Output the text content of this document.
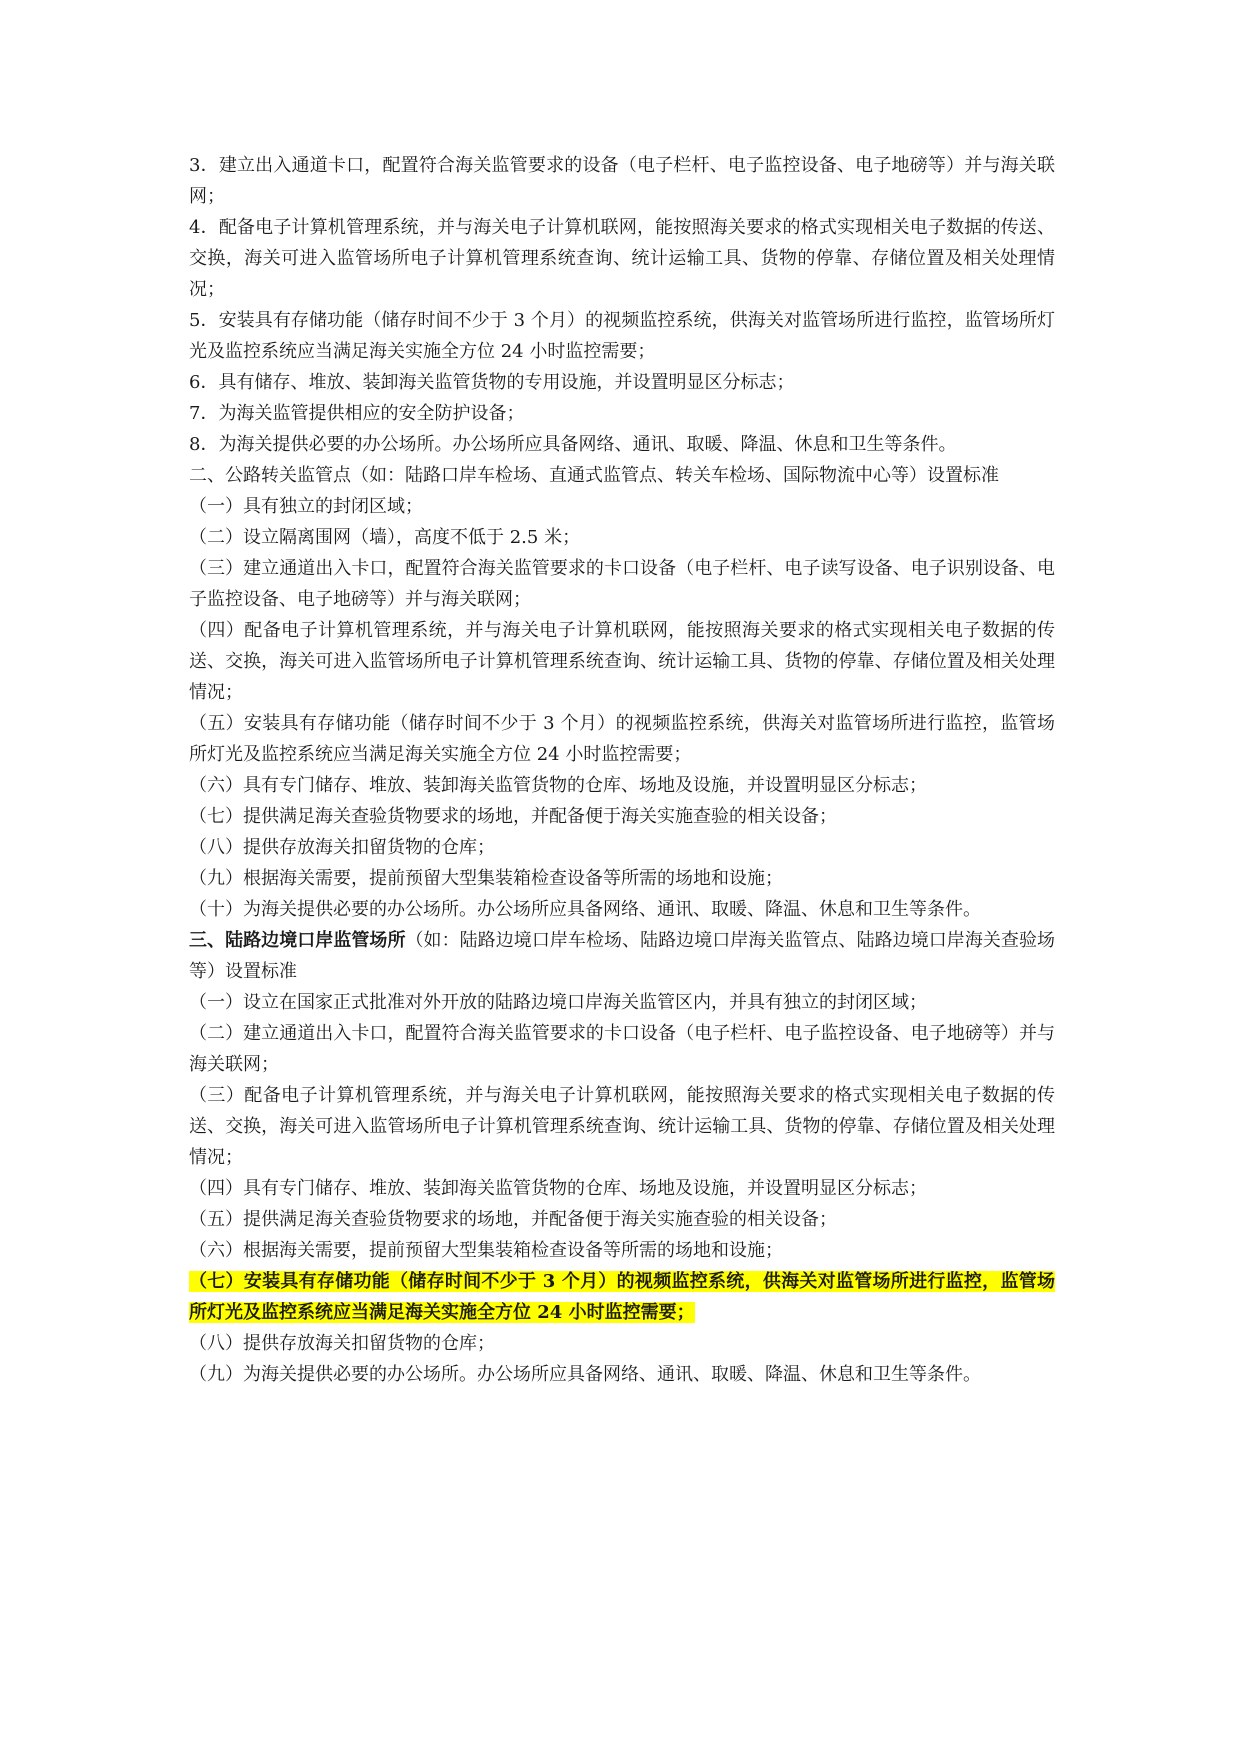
3．建立出入通道卡口，配置符合海关监管要求的设备（电子栏杆、电子监控设备、电子地磅等）并与海关联网；

4．配备电子计算机管理系统，并与海关电子计算机联网，能按照海关要求的格式实现相关电子数据的传送、交换，海关可进入监管场所电子计算机管理系统查询、统计运输工具、货物的停靠、存储位置及相关处理情况；

5．安装具有存储功能（储存时间不少于 3 个月）的视频监控系统，供海关对监管场所进行监控，监管场所灯光及监控系统应当满足海关实施全方位 24 小时监控需要；

6．具有储存、堆放、装卸海关监管货物的专用设施，并设置明显区分标志；

7．为海关监管提供相应的安全防护设备；

8．为海关提供必要的办公场所。办公场所应具备网络、通讯、取暖、降温、休息和卫生等条件。

二、公路转关监管点（如：陆路口岸车检场、直通式监管点、转关车检场、国际物流中心等）设置标准

（一）具有独立的封闭区域；

（二）设立隔离围网（墙），高度不低于 2.5 米；

（三）建立通道出入卡口，配置符合海关监管要求的卡口设备（电子栏杆、电子读写设备、电子识别设备、电子监控设备、电子地磅等）并与海关联网；

（四）配备电子计算机管理系统，并与海关电子计算机联网，能按照海关要求的格式实现相关电子数据的传送、交换，海关可进入监管场所电子计算机管理系统查询、统计运输工具、货物的停靠、存储位置及相关处理情况；

（五）安装具有存储功能（储存时间不少于 3 个月）的视频监控系统，供海关对监管场所进行监控，监管场所灯光及监控系统应当满足海关实施全方位 24 小时监控需要；

（六）具有专门储存、堆放、装卸海关监管货物的仓库、场地及设施，并设置明显区分标志；

（七）提供满足海关查验货物要求的场地，并配备便于海关实施查验的相关设备；

（八）提供存放海关扣留货物的仓库；

（九）根据海关需要，提前预留大型集装箱检查设备等所需的场地和设施；

（十）为海关提供必要的办公场所。办公场所应具备网络、通讯、取暖、降温、休息和卫生等条件。

三、陆路边境口岸监管场所（如：陆路边境口岸车检场、陆路边境口岸海关监管点、陆路边境口岸海关查验场等）设置标准

（一）设立在国家正式批准对外开放的陆路边境口岸海关监管区内，并具有独立的封闭区域；

（二）建立通道出入卡口，配置符合海关监管要求的卡口设备（电子栏杆、电子监控设备、电子地磅等）并与海关联网；

（三）配备电子计算机管理系统，并与海关电子计算机联网，能按照海关要求的格式实现相关电子数据的传送、交换，海关可进入监管场所电子计算机管理系统查询、统计运输工具、货物的停靠、存储位置及相关处理情况；

（四）具有专门储存、堆放、装卸海关监管货物的仓库、场地及设施，并设置明显区分标志；

（五）提供满足海关查验货物要求的场地，并配备便于海关实施查验的相关设备；

（六）根据海关需要，提前预留大型集装箱检查设备等所需的场地和设施；

（七）安装具有存储功能（储存时间不少于 3 个月）的视频监控系统，供海关对监管场所进行监控，监管场所灯光及监控系统应当满足海关实施全方位 24 小时监控需要；

（八）提供存放海关扣留货物的仓库；

（九）为海关提供必要的办公场所。办公场所应具备网络、通讯、取暖、降温、休息和卫生等条件。
